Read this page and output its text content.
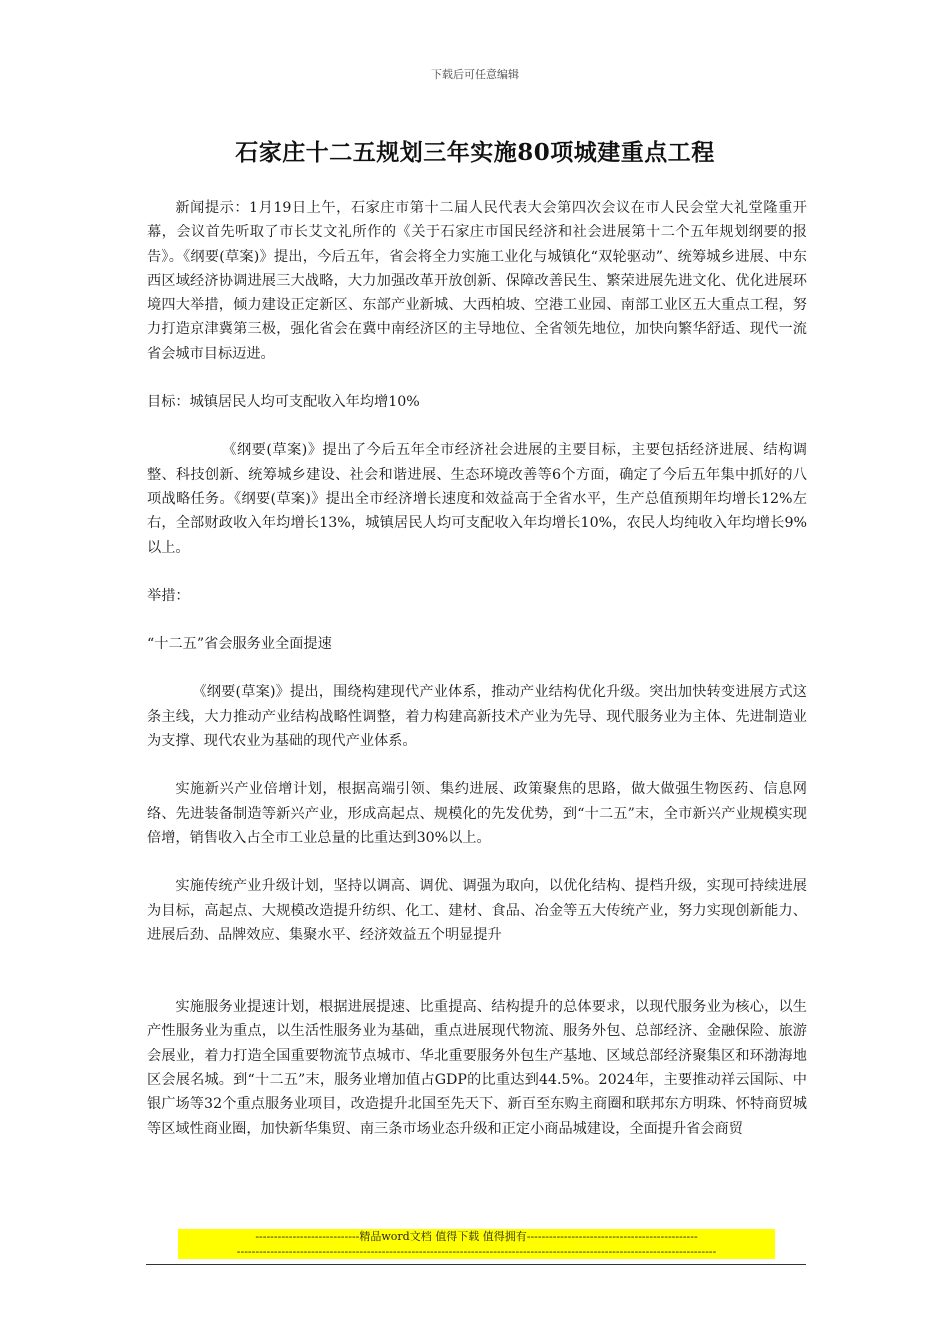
下载后可任意编辑
石家庄十二五规划三年实施80项城建重点工程

新闻提示：1月19日上午，石家庄市第十二届人民代表大会第四次会议在市人民会堂大礼堂隆重开幕，会议首先听取了市长艾文礼所作的《关于石家庄市国民经济和社会进展第十二个五年规划纲要的报告》。《纲要(草案)》提出，今后五年，省会将全力实施工业化与城镇化“双轮驱动”、统筹城乡进展、中东西区域经济协调进展三大战略，大力加强改革开放创新、保障改善民生、繁荣进展先进文化、优化进展环境四大举措，倾力建设正定新区、东部产业新城、大西柏坡、空港工业园、南部工业区五大重点工程，努力打造京津冀第三极，强化省会在冀中南经济区的主导地位、全省领先地位，加快向繁华舒适、现代一流省会城市目标迈进。

目标：城镇居民人均可支配收入年均增10%

《纲要(草案)》提出了今后五年全市经济社会进展的主要目标，主要包括经济进展、结构调整、科技创新、统筹城乡建设、社会和谐进展、生态环境改善等6个方面，确定了今后五年集中抓好的八项战略任务。《纲要(草案)》提出全市经济增长速度和效益高于全省水平，生产总值预期年均增长12%左右，全部财政收入年均增长13%，城镇居民人均可支配收入年均增长10%，农民人均纯收入年均增长9%以上。

举措：

“十二五”省会服务业全面提速

《纲要(草案)》提出，围绕构建现代产业体系，推动产业结构优化升级。突出加快转变进展方式这条主线，大力推动产业结构战略性调整，着力构建高新技术产业为先导、现代服务业为主体、先进制造业为支撑、现代农业为基础的现代产业体系。

实施新兴产业倍增计划，根据高端引领、集约进展、政策聚焦的思路，做大做强生物医药、信息网络、先进装备制造等新兴产业，形成高起点、规模化的先发优势，到“十二五”末，全市新兴产业规模实现倍增，销售收入占全市工业总量的比重达到30%以上。

实施传统产业升级计划，坚持以调高、调优、调强为取向，以优化结构、提档升级，实现可持续进展为目标，高起点、大规模改造提升纺织、化工、建材、食品、冶金等五大传统产业，努力实现创新能力、进展后劲、品牌效应、集聚水平、经济效益五个明显提升

实施服务业提速计划，根据进展提速、比重提高、结构提升的总体要求，以现代服务业为核心，以生产性服务业为重点，以生活性服务业为基础，重点进展现代物流、服务外包、总部经济、金融保险、旅游会展业，着力打造全国重要物流节点城市、华北重要服务外包生产基地、区域总部经济聚集区和环渤海地区会展名城。到“十二五”末，服务业增加值占GDP的比重达到44.5%。2024年，主要推动祥云国际、中银广场等32个重点服务业项目，改造提升北国至先天下、新百至东购主商圈和联邦东方明珠、怀特商贸城等区域性商业圈，加快新华集贸、南三条市场业态升级和正定小商品城建设，全面提升省会商贸

----------------------------精品word文档 值得下载 值得拥有----------------------------------------------
---------------------------------------------------------------------------------------------------------------------------------
